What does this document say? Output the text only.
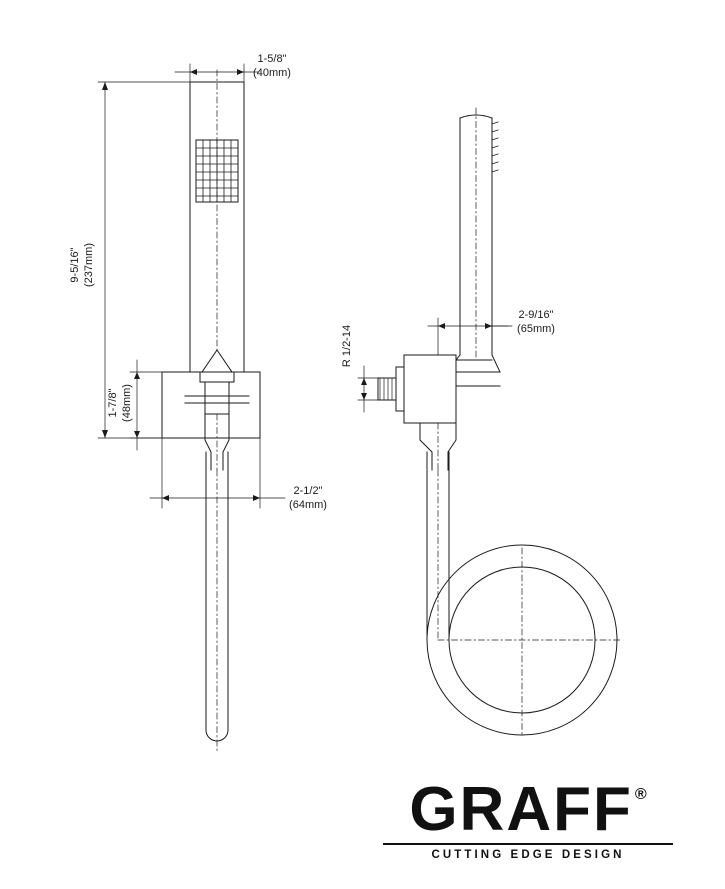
1-5/8"
(40mm)
9-5/16" (237mm)
1-7/8" (48mm)
2-1/2"
(64mm)
2-9/16"
(65mm)
R 1/2-14
GRAFF ®
CUTTING EDGE DESIGN
